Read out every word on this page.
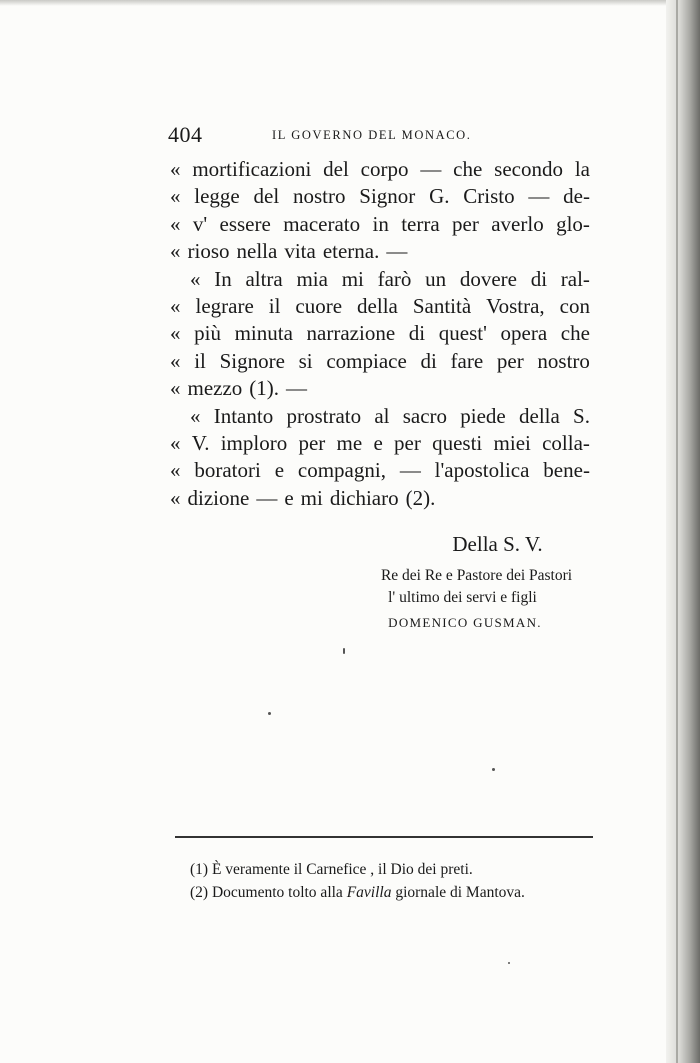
404	IL GOVERNO DEL MONACO.
« mortificazioni del corpo — che secondo la
« legge del nostro Signor G. Cristo — de-
« v' essere macerato in terra per averlo glo-
« rioso nella vita eterna. —
« In altra mia mi farò un dovere di ral-
« legrare il cuore della Santità Vostra, con
« più minuta narrazione di quest' opera che
« il Signore si compiace di fare per nostro
« mezzo (1). —
« Intanto prostrato al sacro piede della S.
« V. imploro per me e per questi miei colla-
« boratori e compagni, — l'apostolica bene-
« dizione — e mi dichiaro (2).
Della S. V.
Re dei Re e Pastore dei Pastori
l' ultimo dei servi e figli
DOMENICO GUSMAN.
(1) È veramente il Carnefice , il Dio dei preti.
(2) Documento tolto alla Favilla giornale di Mantova.
